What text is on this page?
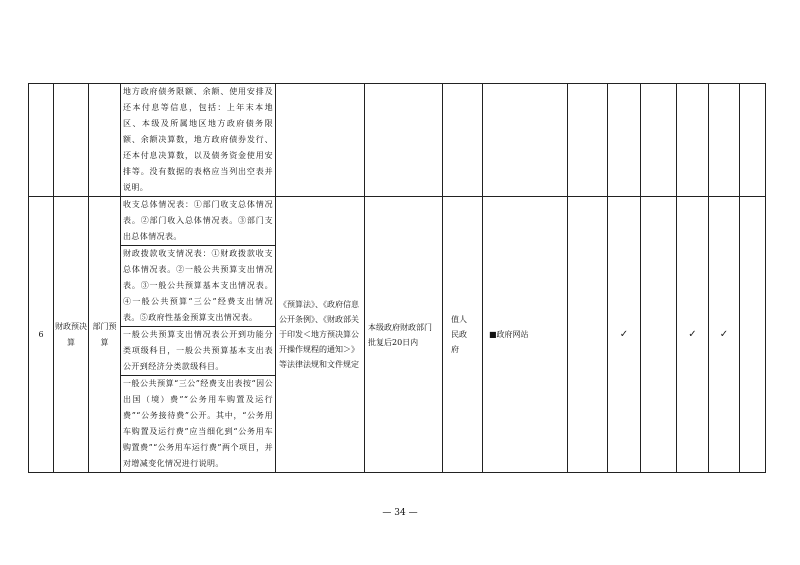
			地方政府债务限额、余额、使用安排及还本付息等信息，包括：上年末本地区、本级及所属地区地方政府债务限额、余额决算数，地方政府债券发行、还本付息决算数，以及债务资金使用安排等。没有数据的表格应当列出空表并说明。										

6	财政预决算	部门预算	收支总体情况表：①部门收支总体情况表。②部门收入总体情况表。③部门支出总体情况表。	《预算法》、《政府信息公开条例》、《财政部关于印发＜地方预决算公开操作规程的通知＞》等法律法规和文件规定	本级政府财政部门批复后20日内	值人民政府	■政府网站		✓		✓	✓	

			财政拨款收支情况表：①财政拨款收支总体情况表。②一般公共预算支出情况表。③一般公共预算基本支出情况表。④一般公共预算“三公”经费支出情况表。⑤政府性基金预算支出情况表。										

			一般公共预算支出情况表公开到功能分类项级科目，一般公共预算基本支出表公开到经济分类款级科目。										

			一般公共预算“三公”经费支出表按“因公出国（境）费”“公务用车购置及运行费”“公务接待费”公开。其中，“公务用车购置及运行费”应当细化到“公务用车购置费”“公务用车运行费”两个项目，并对增减变化情况进行说明。										
— 34 —
